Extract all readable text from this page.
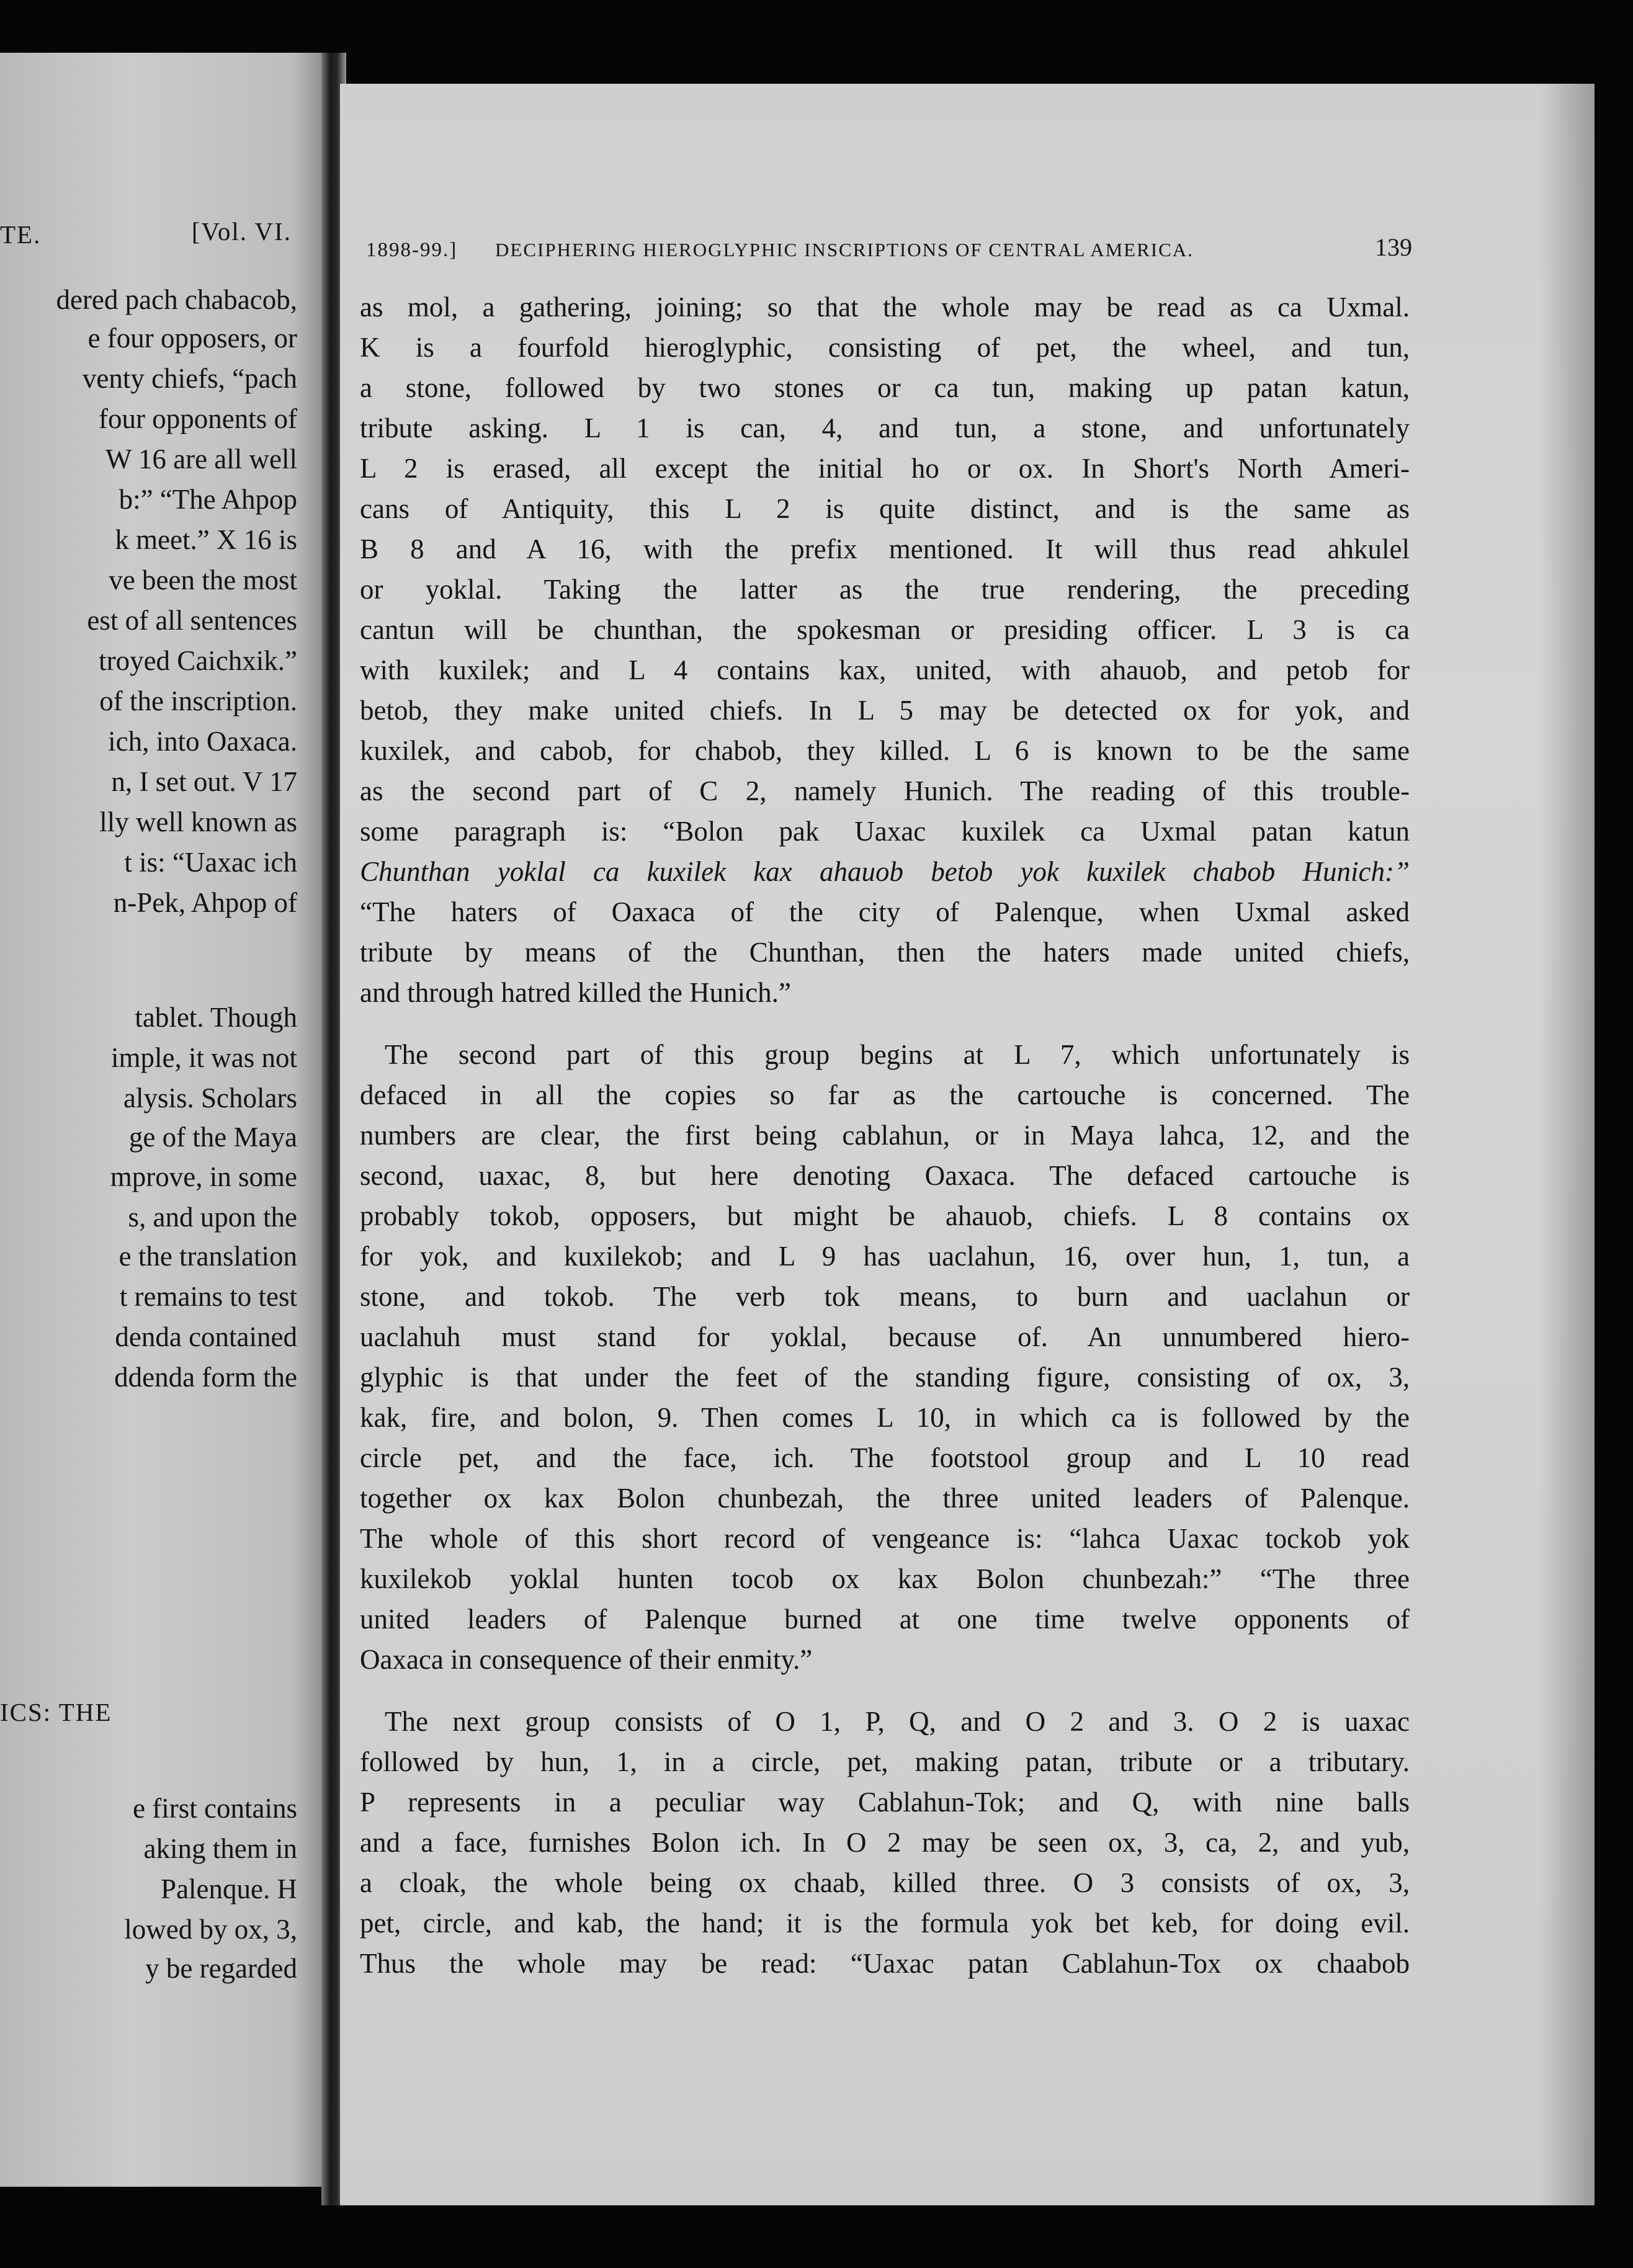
TE.	[Vol. VI.
dered pach chabacob,
e four opposers, or
venty chiefs, “pach
four opponents of
W 16 are all well
b:” “The Ahpop
k meet.” X 16 is
ve been the most
est of all sentences
troyed Caichxik.”
of the inscription.
ich, into Oaxaca.
n, I set out. V 17
lly well known as
t is: “Uaxac ich
n-Pek, Ahpop of
tablet. Though
imple, it was not
alysis. Scholars
ge of the Maya
mprove, in some
s, and upon the
e the translation
t remains to test
denda contained
ddenda form the
ICS: THE
e first contains
aking them in
Palenque. H
lowed by ox, 3,
y be regarded
1898-99.] DECIPHERING HIEROGLYPHIC INSCRIPTIONS OF CENTRAL AMERICA.	139
as mol, a gathering, joining; so that the whole may be read as ca Uxmal.
K is a fourfold hieroglyphic, consisting of pet, the wheel, and tun,
a stone, followed by two stones or ca tun, making up patan katun,
tribute asking. L 1 is can, 4, and tun, a stone, and unfortunately
L 2 is erased, all except the initial ho or ox. In Short's North Ameri-
cans of Antiquity, this L 2 is quite distinct, and is the same as
B 8 and A 16, with the prefix mentioned. It will thus read ahkulel
or yoklal. Taking the latter as the true rendering, the preceding
cantun will be chunthan, the spokesman or presiding officer. L 3 is ca
with kuxilek; and L 4 contains kax, united, with ahauob, and petob for
betob, they make united chiefs. In L 5 may be detected ox for yok, and
kuxilek, and cabob, for chabob, they killed. L 6 is known to be the same
as the second part of C 2, namely Hunich. The reading of this trouble-
some paragraph is: “Bolon pak Uaxac kuxilek ca Uxmal patan katun
Chunthan yoklal ca kuxilek kax ahauob betob yok kuxilek chabob Hunich:”
“The haters of Oaxaca of the city of Palenque, when Uxmal asked
tribute by means of the Chunthan, then the haters made united chiefs,
and through hatred killed the Hunich.”
The second part of this group begins at L 7, which unfortunately is
defaced in all the copies so far as the cartouche is concerned. The
numbers are clear, the first being cablahun, or in Maya lahca, 12, and the
second, uaxac, 8, but here denoting Oaxaca. The defaced cartouche is
probably tokob, opposers, but might be ahauob, chiefs. L 8 contains ox
for yok, and kuxilekob; and L 9 has uaclahun, 16, over hun, 1, tun, a
stone, and tokob. The verb tok means, to burn and uaclahun or
uaclahuh must stand for yoklal, because of. An unnumbered hiero-
glyphic is that under the feet of the standing figure, consisting of ox, 3,
kak, fire, and bolon, 9. Then comes L 10, in which ca is followed by the
circle pet, and the face, ich. The footstool group and L 10 read
together ox kax Bolon chunbezah, the three united leaders of Palenque.
The whole of this short record of vengeance is: “lahca Uaxac tockob yok
kuxilekob yoklal hunten tocob ox kax Bolon chunbezah:” “The three
united leaders of Palenque burned at one time twelve opponents of
Oaxaca in consequence of their enmity.”
The next group consists of O 1, P, Q, and O 2 and 3. O 2 is uaxac
followed by hun, 1, in a circle, pet, making patan, tribute or a tributary.
P represents in a peculiar way Cablahun-Tok; and Q, with nine balls
and a face, furnishes Bolon ich. In O 2 may be seen ox, 3, ca, 2, and yub,
a cloak, the whole being ox chaab, killed three. O 3 consists of ox, 3,
pet, circle, and kab, the hand; it is the formula yok bet keb, for doing evil.
Thus the whole may be read: “Uaxac patan Cablahun-Tox ox chaabob
